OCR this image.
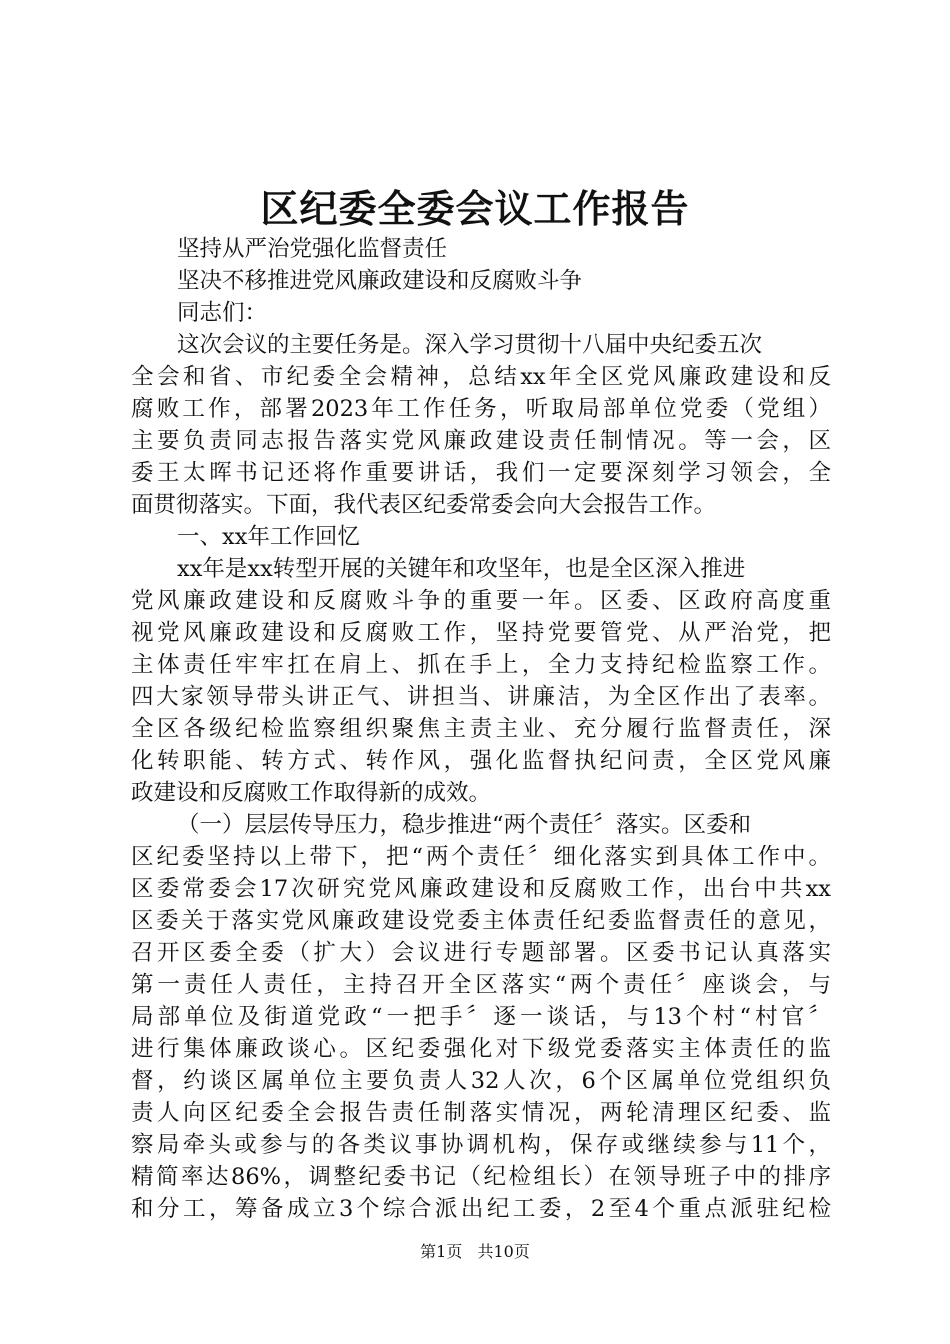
区纪委全委会议工作报告

坚持从严治党强化监督责任

坚决不移推进党风廉政建设和反腐败斗争

同志们：

这次会议的主要任务是。深入学习贯彻十八届中央纪委五次

全会和省、市纪委全会精神，总结xx年全区党风廉政建设和反

腐败工作，部署2023年工作任务，听取局部单位党委（党组）

主要负责同志报告落实党风廉政建设责任制情况。等一会，区

委王太晖书记还将作重要讲话，我们一定要深刻学习领会，全

面贯彻落实。下面，我代表区纪委常委会向大会报告工作。

一、xx年工作回忆

xx年是xx转型开展的关键年和攻坚年，也是全区深入推进

党风廉政建设和反腐败斗争的重要一年。区委、区政府高度重

视党风廉政建设和反腐败工作，坚持党要管党、从严治党，把

主体责任牢牢扛在肩上、抓在手上，全力支持纪检监察工作。

四大家领导带头讲正气、讲担当、讲廉洁，为全区作出了表率。

全区各级纪检监察组织聚焦主责主业、充分履行监督责任，深

化转职能、转方式、转作风，强化监督执纪问责，全区党风廉

政建设和反腐败工作取得新的成效。

（一）层层传导压力，稳步推进“两个责任〞落实。区委和

区纪委坚持以上带下，把“两个责任〞细化落实到具体工作中。

区委常委会17次研究党风廉政建设和反腐败工作，出台中共xx

区委关于落实党风廉政建设党委主体责任纪委监督责任的意见，

召开区委全委（扩大）会议进行专题部署。区委书记认真落实

第一责任人责任，主持召开全区落实“两个责任〞座谈会，与

局部单位及街道党政“一把手〞逐一谈话，与13个村“村官〞

进行集体廉政谈心。区纪委强化对下级党委落实主体责任的监

督，约谈区属单位主要负责人32人次，6个区属单位党组织负

责人向区纪委全会报告责任制落实情况，两轮清理区纪委、监

察局牵头或参与的各类议事协调机构，保存或继续参与11个，

精简率达86%，调整纪委书记（纪检组长）在领导班子中的排序

和分工，筹备成立3个综合派出纪工委，2至4个重点派驻纪检

第1页 共10页
